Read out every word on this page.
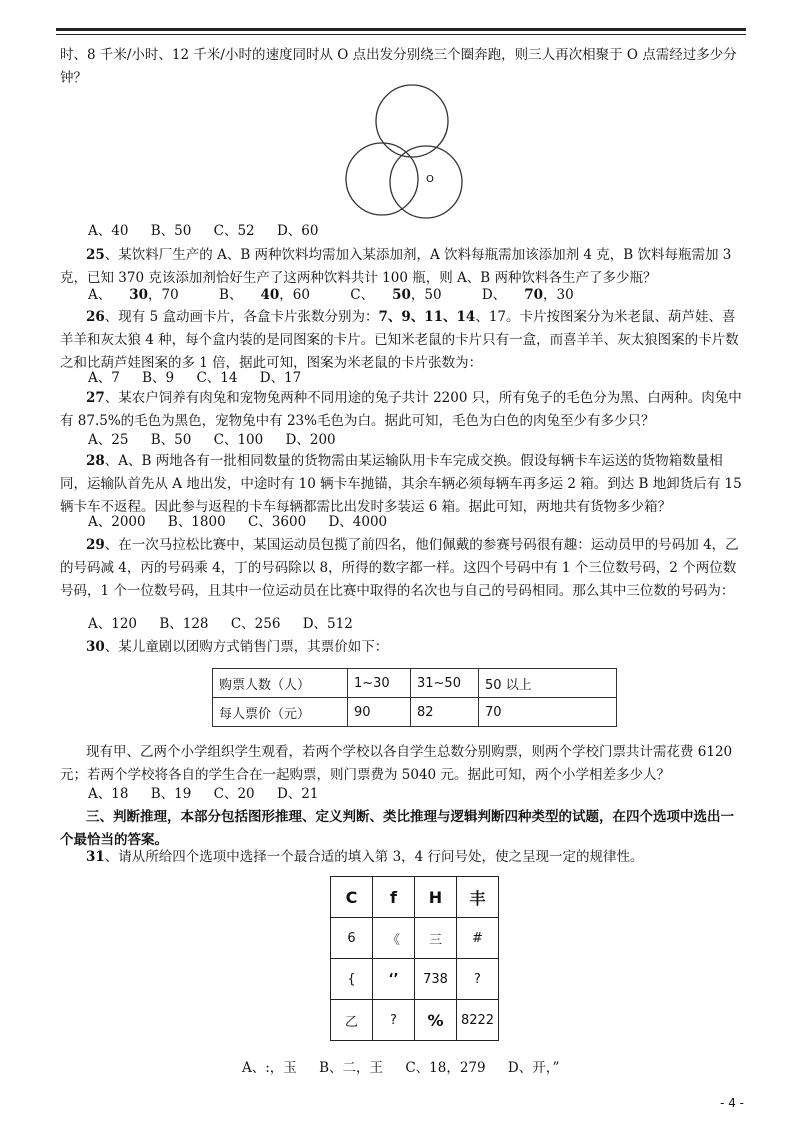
时、8 千米/小时、12 千米/小时的速度同时从 O 点出发分别绕三个圈奔跑，则三人再次相聚于 O 点需经过多少分
钟？

O

A、40 B、50 C、52 D、60

25、某饮料厂生产的 A、B 两种饮料均需加入某添加剂，A 饮料每瓶需加该添加剂 4 克，B 饮料每瓶需加 3 克，已知 370 克该添加剂恰好生产了这两种饮料共计 100 瓶，则 A、B 两种饮料各生产了多少瓶？

A、 30，70	B、 40，60	C、 50，50	D、 70，30

26、现有 5 盒动画卡片，各盒卡片张数分别为：7、9、11、14、17。卡片按图案分为米老鼠、葫芦娃、喜羊羊和灰太狼 4 种，每个盒内装的是同图案的卡片。已知米老鼠的卡片只有一盒，而喜羊羊、灰太狼图案的卡片数之和比葫芦娃图案的多 1 倍，据此可知，图案为米老鼠的卡片张数为：

A、7 B、9 C、14 D、17

27、某农户饲养有肉兔和宠物兔两种不同用途的兔子共计 2200 只，所有兔子的毛色分为黑、白两种。肉兔中有 87.5%的毛色为黑色，宠物兔中有 23%毛色为白。据此可知，毛色为白色的肉兔至少有多少只？

A、25 B、50 C、100 D、200

28、A、B 两地各有一批相同数量的货物需由某运输队用卡车完成交换。假设每辆卡车运送的货物箱数量相同，运输队首先从 A 地出发，中途时有 10 辆卡车抛锚，其余车辆必须每辆车再多运 2 箱。到达 B 地卸货后有 15 辆卡车不返程。因此参与返程的卡车每辆都需比出发时多装运 6 箱。据此可知，两地共有货物多少箱？

A、2000 B、1800 C、3600 D、4000

29、在一次马拉松比赛中，某国运动员包揽了前四名，他们佩戴的参赛号码很有趣：运动员甲的号码加 4，乙的号码减 4，丙的号码乘 4，丁的号码除以 8，所得的数字都一样。这四个号码中有 1 个三位数号码，2 个两位数号码，1 个一位数号码，且其中一位运动员在比赛中取得的名次也与自己的号码相同。那么其中三位数的号码为：

A、120 B、128 C、256 D、512

30、某儿童剧以团购方式销售门票，其票价如下：

购票人数（人）	1~30	31~50	50 以上
每人票价（元）	90	82	70

现有甲、乙两个小学组织学生观看，若两个学校以各自学生总数分别购票，则两个学校门票共计需花费 6120 元；若两个学校将各自的学生合在一起购票，则门票费为 5040 元。据此可知，两个小学相差多少人？

A、18 B、19 C、20 D、21

三、判断推理，本部分包括图形推理、定义判断、类比推理与逻辑判断四种类型的试题，在四个选项中选出一个最恰当的答案。

31、请从所给四个选项中选择一个最合适的填入第 3，4 行问号处，使之呈现一定的规律性。

C	f	H	丰
6	《	三	#
{	‘’	738	?
乙	?	%	8222

A、:，玉 B、二，王 C、18，279 D、开，”

- 4 -
